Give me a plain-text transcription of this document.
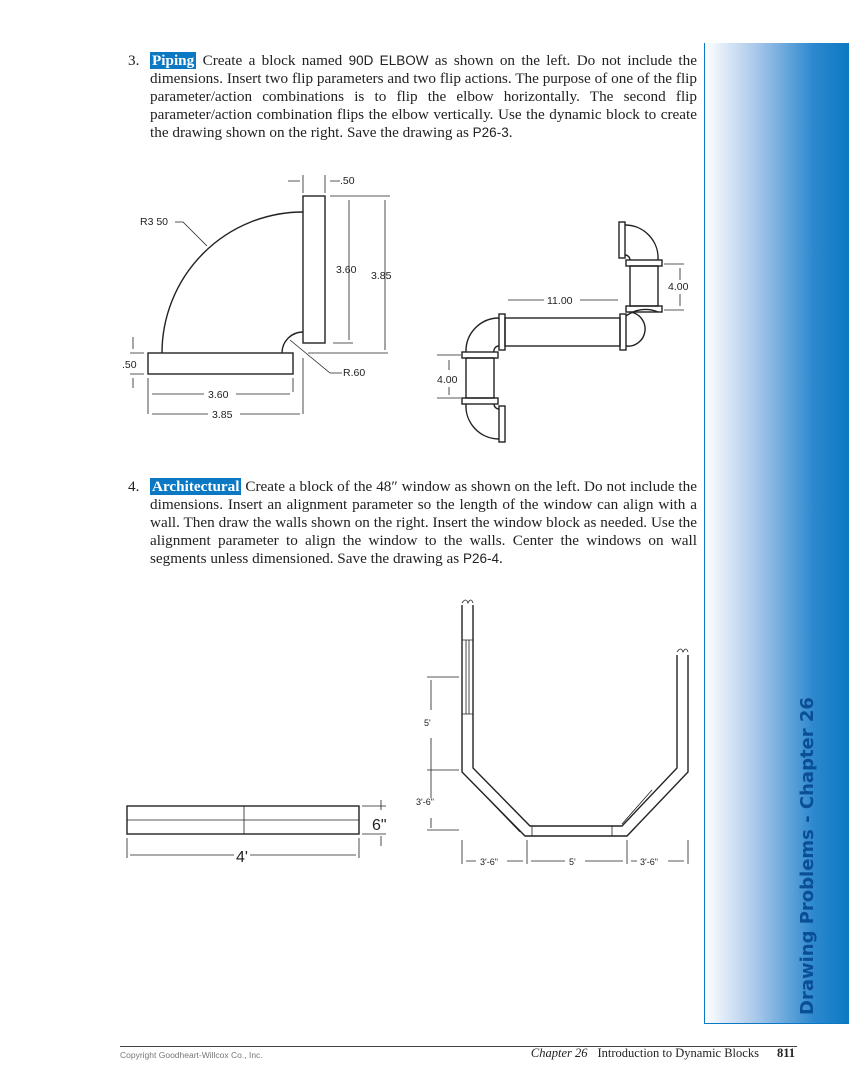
3. Piping Create a block named 90D ELBOW as shown on the left. Do not include the dimensions. Insert two flip parameters and two flip actions. The purpose of one of the flip parameter/action combinations is to flip the elbow horizontally. The second flip parameter/action combination flips the elbow vertically. Use the dynamic block to create the drawing shown on the right. Save the drawing as P26-3.
4. Architectural Create a block of the 48″ window as shown on the left. Do not include the dimensions. Insert an alignment parameter so the length of the window can align with a wall. Then draw the walls shown on the right. Insert the window block as needed. Use the alignment parameter to align the window to the walls. Center the windows on wall segments unless dimensioned. Save the drawing as P26-4.
.50
R3 50
3.60 3.85
.50
R.60
3.60
3.85
11.00
4.00
4.00
6"
4'
5'
3'-6"
3'-6"	5'	3'-6"	Drawing Problems - Chapter 26
Copyright Goodheart-Willcox Co., Inc.	Chapter 26 Introduction to Dynamic Blocks 811
